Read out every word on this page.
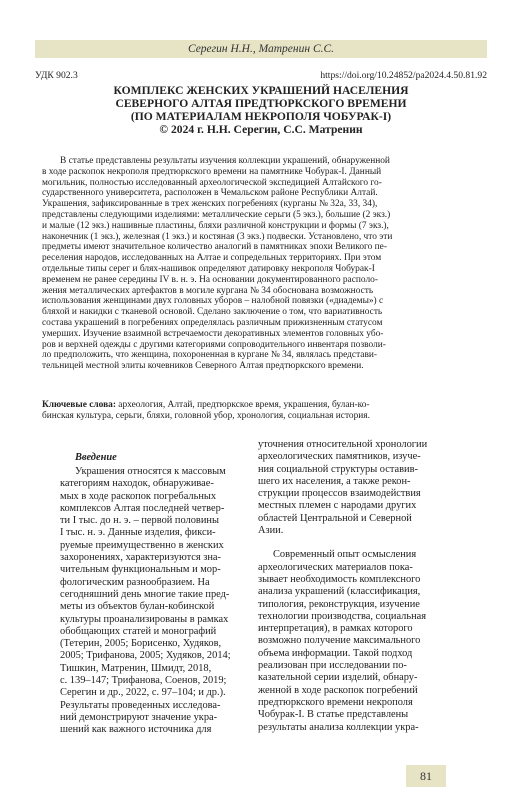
Серегин Н.Н., Матренин С.С.
УДК 902.3	https://doi.org/10.24852/pa2024.4.50.81.92
КОМПЛЕКС ЖЕНСКИХ УКРАШЕНИЙ НАСЕЛЕНИЯ
СЕВЕРНОГО АЛТАЯ ПРЕДТЮРКСКОГО ВРЕМЕНИ
(ПО МАТЕРИАЛАМ НЕКРОПОЛЯ ЧОБУРАК-I)
© 2024 г. Н.Н. Серегин, С.С. Матренин
В статье представлены результаты изучения коллекции украшений, обнаруженной
в ходе раскопок некрополя предтюркского времени на памятнике Чобурак-I. Данный
могильник, полностью исследованный археологической экспедицией Алтайского го-
сударственного университета, расположен в Чемальском районе Республики Алтай.
Украшения, зафиксированные в трех женских погребениях (курганы № 32а, 33, 34),
представлены следующими изделиями: металлические серьги (5 экз.), большие (2 экз.)
и малые (12 экз.) нашивные пластины, бляхи различной конструкции и формы (7 экз.),
наконечник (1 экз.), железная (1 экз.) и костяная (3 экз.) подвески. Установлено, что эти
предметы имеют значительное количество аналогий в памятниках эпохи Великого пе-
реселения народов, исследованных на Алтае и сопредельных территориях. При этом
отдельные типы серег и блях-нашивок определяют датировку некрополя Чобурак-I
временем не ранее середины IV в. н. э. На основании документированного располо-
жения металлических артефактов в могиле кургана № 34 обоснована возможность
использования женщинами двух головных уборов – налобной повязки («диадемы») с
бляхой и накидки с тканевой основой. Сделано заключение о том, что вариативность
состава украшений в погребениях определялась различным прижизненным статусом
умерших. Изучение взаимной встречаемости декоративных элементов головных убо-
ров и верхней одежды с другими категориями сопроводительного инвентаря позволи-
ло предположить, что женщина, похороненная в кургане № 34, являлась представи-
тельницей местной элиты кочевников Северного Алтая предтюркского времени.
Ключевые слова: археология, Алтай, предтюркское время, украшения, булан-ко-
бинская культура, серьги, бляхи, головной убор, хронология, социальная история.
Введение
Украшения относятся к массовым
категориям находок, обнаруживае-
мых в ходе раскопок погребальных
комплексов Алтая последней четвер-
ти I тыс. до н. э. – первой половины
I тыс. н. э. Данные изделия, фикси-
руемые преимущественно в женских
захоронениях, характеризуются зна-
чительным функциональным и мор-
фологическим разнообразием. На
сегодняшний день многие такие пред-
меты из объектов булан-кобинской
культуры проанализированы в рамках
обобщающих статей и монографий
(Тетерин, 2005; Борисенко, Худяков,
2005; Трифанова, 2005; Худяков, 2014;
Тишкин, Матренин, Шмидт, 2018,
с. 139–147; Трифанова, Соенов, 2019;
Серегин и др., 2022, с. 97–104; и др.).
Результаты проведенных исследова-
ний демонстрируют значение укра-
шений как важного источника для
уточнения относительной хронологии
археологических памятников, изуче-
ния социальной структуры оставив-
шего их населения, а также рекон-
струкции процессов взаимодействия
местных племен с народами других
областей Центральной и Северной
Азии.
Современный опыт осмысления
археологических материалов пока-
зывает необходимость комплексного
анализа украшений (классификация,
типология, реконструкция, изучение
технологии производства, социальная
интерпретация), в рамках которого
возможно получение максимального
объема информации. Такой подход
реализован при исследовании по-
казательной серии изделий, обнару-
женной в ходе раскопок погребений
предтюркского времени некрополя
Чобурак-I. В статье представлены
результаты анализа коллекции укра-
81
